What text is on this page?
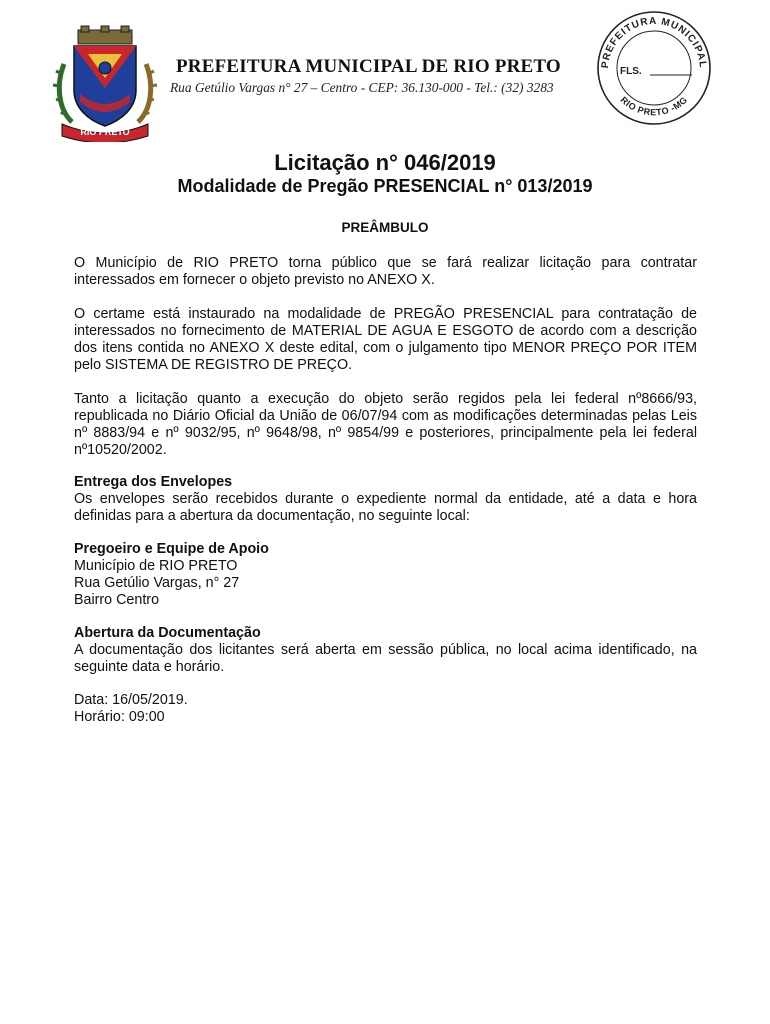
RIO PRETO
PREFEITURA MUNICIPAL DE RIO PRETO
Rua Getúlio Vargas n° 27 – Centro - CEP: 36.130-000 - Tel.: (32) 3283
PREFEITURA MUNICIPAL
FLS.
RIO PRETO -MG
Licitação n° 046/2019
Modalidade de Pregão PRESENCIAL n° 013/2019
PREÂMBULO

O Município de RIO PRETO torna público que se fará realizar licitação para contratar interessados em fornecer o objeto previsto no ANEXO X.

O certame está instaurado na modalidade de PREGÃO PRESENCIAL para contratação de interessados no fornecimento de MATERIAL DE AGUA E ESGOTO de acordo com a descrição dos itens contida no ANEXO X deste edital, com o julgamento tipo MENOR PREÇO POR ITEM pelo SISTEMA DE REGISTRO DE PREÇO.

Tanto a licitação quanto a execução do objeto serão regidos pela lei federal nº8666/93, republicada no Diário Oficial da União de 06/07/94 com as modificações determinadas pelas Leis nº 8883/94 e nº 9032/95, nº 9648/98, nº 9854/99 e posteriores, principalmente pela lei federal nº10520/2002.

Entrega dos Envelopes

Os envelopes serão recebidos durante o expediente normal da entidade, até a data e hora definidas para a abertura da documentação, no seguinte local:

Pregoeiro e Equipe de Apoio
Município de RIO PRETO
Rua Getúlio Vargas, n° 27
Bairro Centro
Abertura da Documentação

A documentação dos licitantes será aberta em sessão pública, no local acima identificado, na seguinte data e horário.

Data: 16/05/2019.
Horário: 09:00
